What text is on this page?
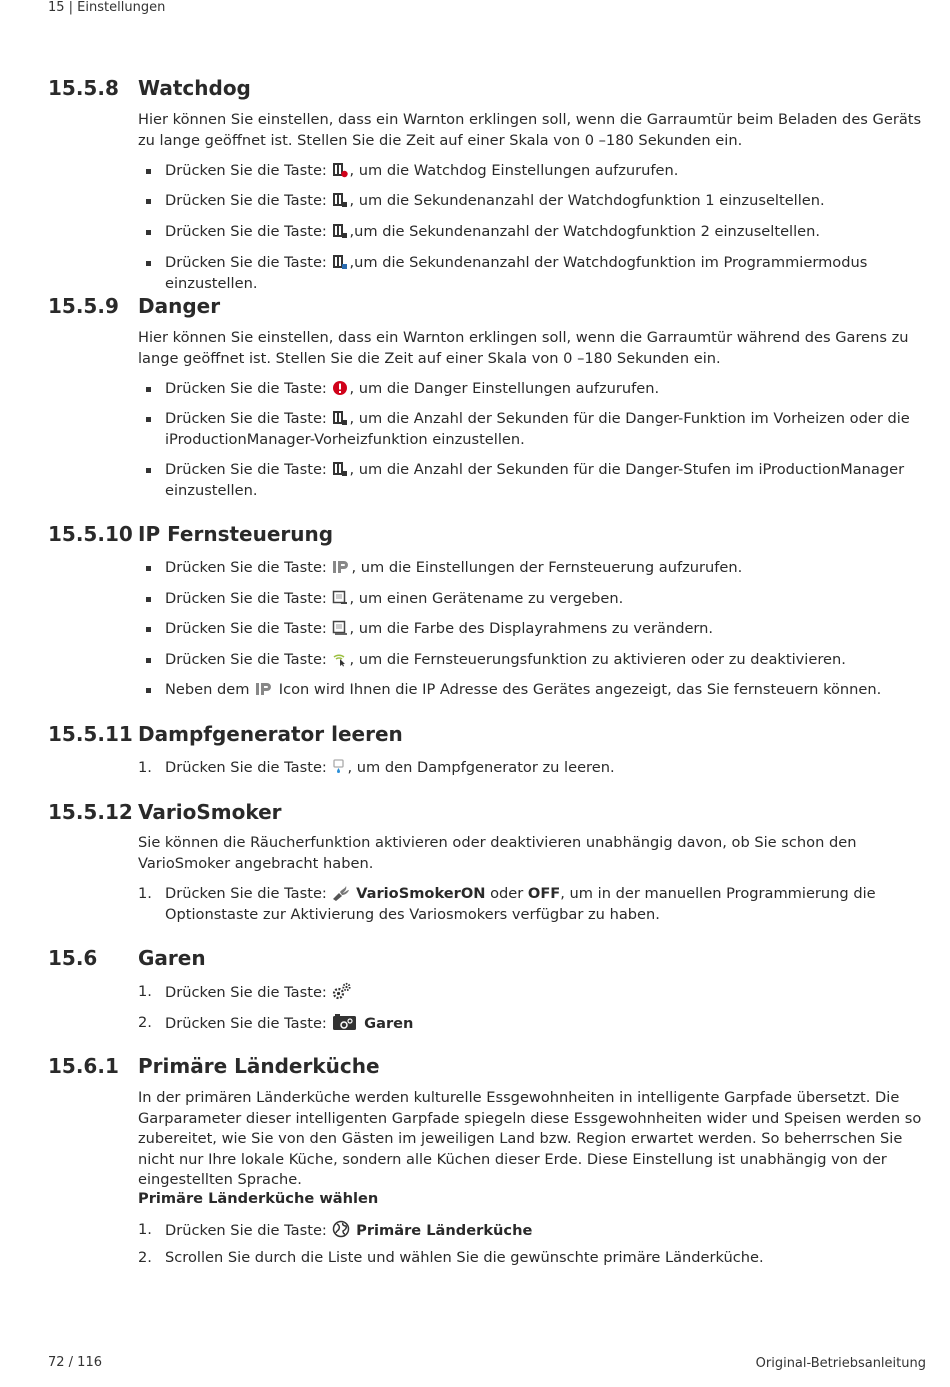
15 | Einstellungen
15.5.8 Watchdog
Hier können Sie einstellen, dass ein Warnton erklingen soll, wenn die Garraumtür beim Beladen des Geräts zu lange geöffnet ist. Stellen Sie die Zeit auf einer Skala von 0 –180 Sekunden ein.
Drücken Sie die Taste: , um die Watchdog Einstellungen aufzurufen.
Drücken Sie die Taste: , um die Sekundenanzahl der Watchdogfunktion 1 einzuseltellen.
Drücken Sie die Taste: ,um die Sekundenanzahl der Watchdogfunktion 2 einzuseltellen.
Drücken Sie die Taste: ,um die Sekundenanzahl der Watchdogfunktion im Programmiermodus einzustellen.
15.5.9 Danger
Hier können Sie einstellen, dass ein Warnton erklingen soll, wenn die Garraumtür während des Garens zu lange geöffnet ist. Stellen Sie die Zeit auf einer Skala von 0 –180 Sekunden ein.
Drücken Sie die Taste: , um die Danger Einstellungen aufzurufen.
Drücken Sie die Taste: , um die Anzahl der Sekunden für die Danger-Funktion im Vorheizen oder die iProductionManager-Vorheizfunktion einzustellen.
Drücken Sie die Taste: , um die Anzahl der Sekunden für die Danger-Stufen im iProductionManager einzustellen.
15.5.10 IP Fernsteuerung
Drücken Sie die Taste: , um die Einstellungen der Fernsteuerung aufzurufen.
Drücken Sie die Taste: , um einen Gerätename zu vergeben.
Drücken Sie die Taste: , um die Farbe des Displayrahmens zu verändern.
Drücken Sie die Taste: , um die Fernsteuerungsfunktion zu aktivieren oder zu deaktivieren.
Neben dem Icon wird Ihnen die IP Adresse des Gerätes angezeigt, das Sie fernsteuern können.
15.5.11 Dampfgenerator leeren
1. Drücken Sie die Taste: , um den Dampfgenerator zu leeren.
15.5.12 VarioSmoker
Sie können die Räucherfunktion aktivieren oder deaktivieren unabhängig davon, ob Sie schon den VarioSmoker angebracht haben.
1. Drücken Sie die Taste: VarioSmokerON oder OFF, um in der manuellen Programmierung die Optionstaste zur Aktivierung des Variosmokers verfügbar zu haben.
15.6 Garen
1. Drücken Sie die Taste:
2. Drücken Sie die Taste:	Garen
15.6.1 Primäre Länderküche
In der primären Länderküche werden kulturelle Essgewohnheiten in intelligente Garpfade übersetzt. Die Garparameter dieser intelligenten Garpfade spiegeln diese Essgewohnheiten wider und Speisen werden so zubereitet, wie Sie von den Gästen im jeweiligen Land bzw. Region erwartet werden. So beherrschen Sie nicht nur Ihre lokale Küche, sondern alle Küchen dieser Erde. Diese Einstellung ist unabhängig von der eingestellten Sprache.
Primäre Länderküche wählen
1. Drücken Sie die Taste: Primäre Länderküche
2. Scrollen Sie durch die Liste und wählen Sie die gewünschte primäre Länderküche.
72 / 116	Original-Betriebsanleitung
